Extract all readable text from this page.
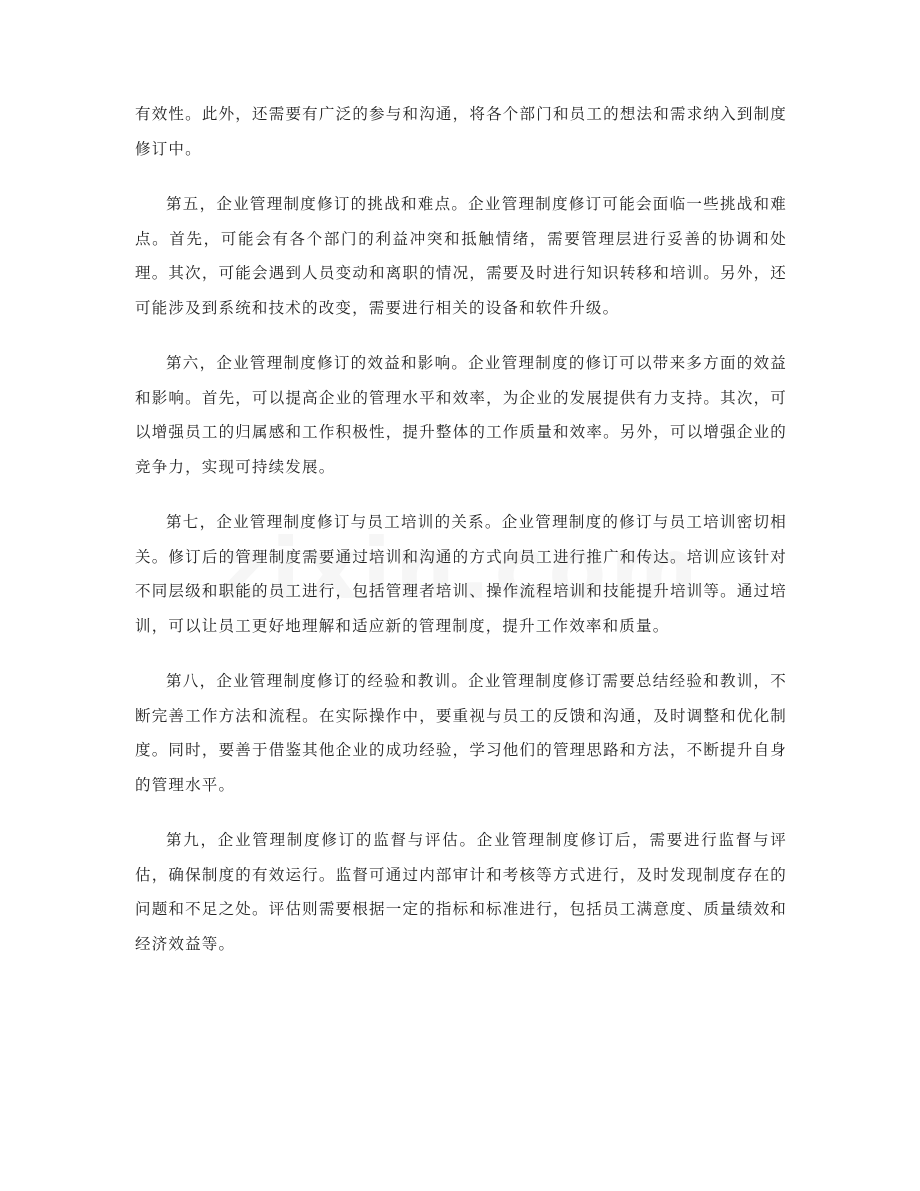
有效性。此外，还需要有广泛的参与和沟通，将各个部门和员工的想法和需求纳入到制度修订中。

第五，企业管理制度修订的挑战和难点。企业管理制度修订可能会面临一些挑战和难点。首先，可能会有各个部门的利益冲突和抵触情绪，需要管理层进行妥善的协调和处理。其次，可能会遇到人员变动和离职的情况，需要及时进行知识转移和培训。另外，还可能涉及到系统和技术的改变，需要进行相关的设备和软件升级。

第六，企业管理制度修订的效益和影响。企业管理制度的修订可以带来多方面的效益和影响。首先，可以提高企业的管理水平和效率，为企业的发展提供有力支持。其次，可以增强员工的归属感和工作积极性，提升整体的工作质量和效率。另外，可以增强企业的竞争力，实现可持续发展。

第七，企业管理制度修订与员工培训的关系。企业管理制度的修订与员工培训密切相关。修订后的管理制度需要通过培训和沟通的方式向员工进行推广和传达。培训应该针对不同层级和职能的员工进行，包括管理者培训、操作流程培训和技能提升培训等。通过培训，可以让员工更好地理解和适应新的管理制度，提升工作效率和质量。

第八，企业管理制度修订的经验和教训。企业管理制度修订需要总结经验和教训，不断完善工作方法和流程。在实际操作中，要重视与员工的反馈和沟通，及时调整和优化制度。同时，要善于借鉴其他企业的成功经验，学习他们的管理思路和方法，不断提升自身的管理水平。

第九，企业管理制度修订的监督与评估。企业管理制度修订后，需要进行监督与评估，确保制度的有效运行。监督可通过内部审计和考核等方式进行，及时发现制度存在的问题和不足之处。评估则需要根据一定的指标和标准进行，包括员工满意度、质量绩效和经济效益等。
